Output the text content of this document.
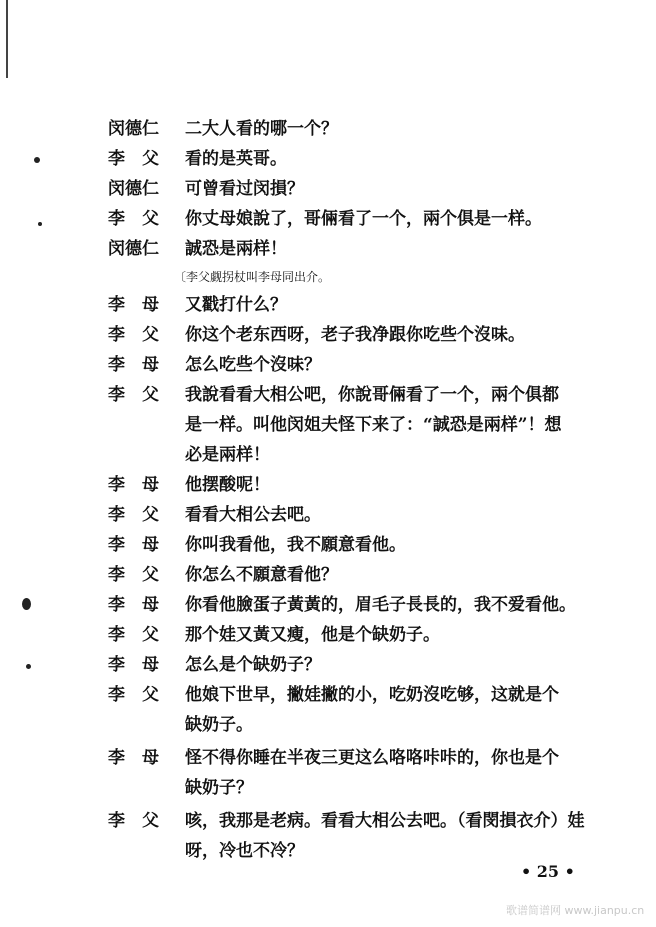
闵德仁	二大人看的哪一个？
李　父	看的是英哥。
闵德仁	可曾看过闵損？
李　父	你丈母娘說了，哥倆看了一个，兩个俱是一样。
闵德仁	誠恐是兩样！
〔李父觑拐杖叫李母同出介。
李　母	又戳打什么？
李　父	你这个老东西呀，老子我净跟你吃些个沒味。
李　母	怎么吃些个沒味？
李　父	我說看看大相公吧，你說哥倆看了一个，兩个俱都
是一样。叫他闵姐夫怪下来了：“誠恐是兩样”！想
必是兩样！
李　母	他摆酸呢！
李　父	看看大相公去吧。
李　母	你叫我看他，我不願意看他。
李　父	你怎么不願意看他？
李　母	你看他臉蛋子黃黃的，眉毛子長長的，我不爱看他。
李　父	那个娃又黃又瘦，他是个缺奶子。
李　母	怎么是个缺奶子？
李　父	他娘下世早，撇娃撇的小，吃奶沒吃够，这就是个
缺奶子。
李　母	怪不得你睡在半夜三更这么咯咯咔咔的，你也是个
缺奶子？
李　父	咳，我那是老病。看看大相公去吧。（看閔損衣介）娃
呀，冷也不冷？
• 25 •
歌谱简谱网 www.jianpu.cn
